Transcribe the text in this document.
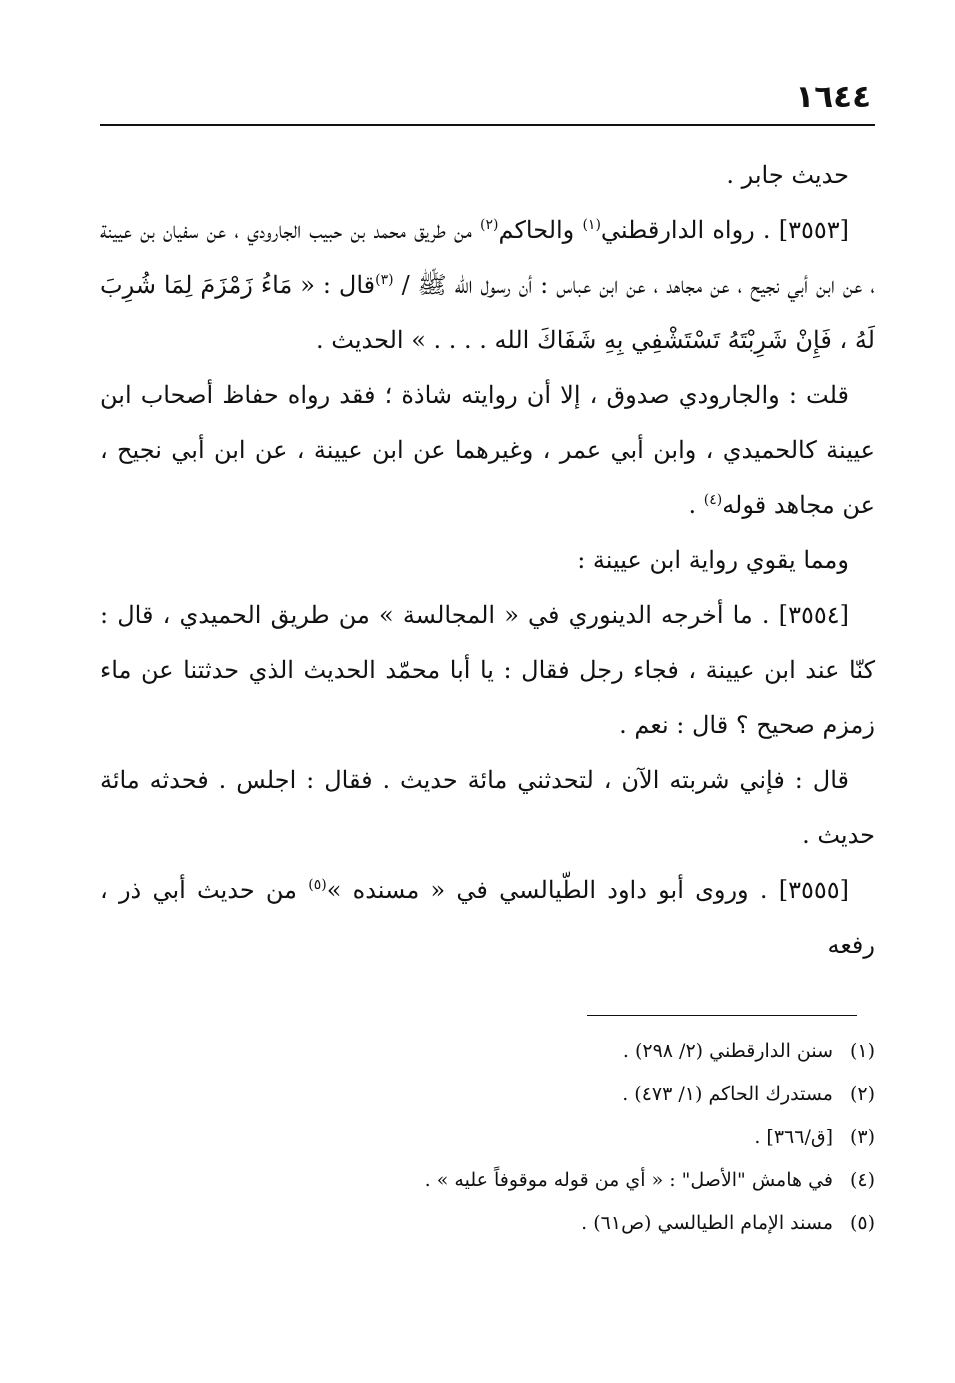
١٦٤٤

حديث جابر .

[٣٥٥٣] . رواه الدارقطني$^{(١)}$ والحاكم$^{(٢)}$ من طريق محمد بن حبيب الجارودي ، عن سفيان بن عيينة ، عن ابن أبي نجيح ، عن مجاهد ، عن ابن عباس : أن رسول الله ﷺ / $^{(٣)}$قال : « مَاءُ زَمْزَمَ لِمَا شُرِبَ لَهُ ، فَإِنْ شَرِبْتَهُ تَسْتَشْفِي بِهِ شَفَاكَ الله . . . . » الحديث .

قلت : والجارودي صدوق ، إلا أن روايته شاذة ؛ فقد رواه حفاظ أصحاب ابن عيينة كالحميدي ، وابن أبي عمر ، وغيرهما عن ابن عيينة ، عن ابن أبي نجيح ، عن مجاهد قوله$^{(٤)}$ .

ومما يقوي رواية ابن عيينة :

[٣٥٥٤] . ما أخرجه الدينوري في « المجالسة » من طريق الحميدي ، قال : كنّا عند ابن عيينة ، فجاء رجل فقال : يا أبا محمّد الحديث الذي حدثتنا عن ماء زمزم صحيح ؟ قال : نعم .

قال : فإني شربته الآن ، لتحدثني مائة حديث . فقال : اجلس . فحدثه مائة حديث .

[٣٥٥٥] . وروى أبو داود الطّيالسي في « مسنده »$^{(٥)}$ من حديث أبي ذر ، رفعه

(١)
سنن الدارقطني (٢/ ٢٩٨) .
(٢)
مستدرك الحاكم (١/ ٤٧٣) .
(٣)
[ق/٣٦٦] .
(٤)
في هامش "الأصل" : « أي من قوله موقوفاً عليه » .
(٥)
مسند الإمام الطيالسي (ص٦١) .
